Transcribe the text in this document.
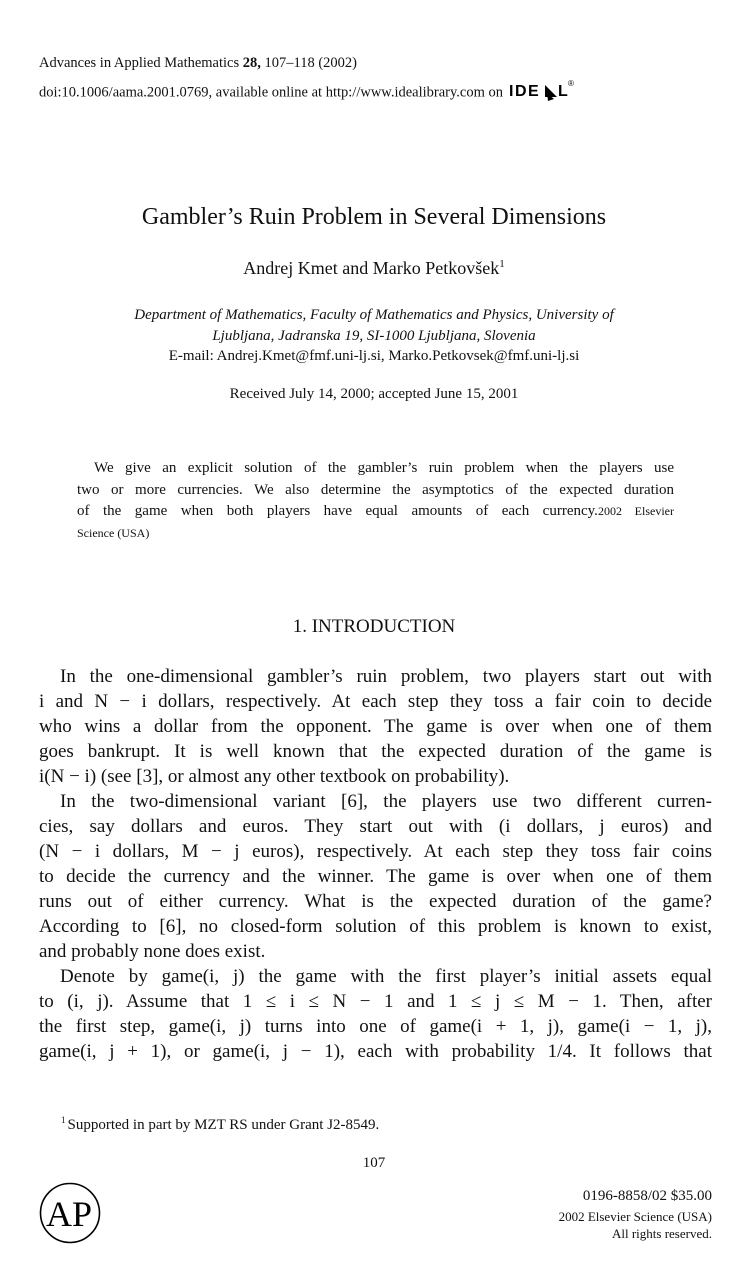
Advances in Applied Mathematics 28, 107–118 (2002)
doi:10.1006/aama.2001.0769, available online at http://www.idealibrary.com on IDE L ®
Gambler’s Ruin Problem in Several Dimensions
Andrej Kmet and Marko Petkovšek$^1$
Department of Mathematics, Faculty of Mathematics and Physics, University of
Ljubljana, Jadranska 19, SI-1000 Ljubljana, Slovenia
E-mail: Andrej.Kmet@fmf.uni-lj.si, Marko.Petkovsek@fmf.uni-lj.si
Received July 14, 2000; accepted June 15, 2001
We give an explicit solution of the gambler’s ruin problem when the players use
two or more currencies. We also determine the asymptotics of the expected duration
of the game when both players have equal amounts of each currency.2002 Elsevier
Science (USA)
1. INTRODUCTION
In the one-dimensional gambler’s ruin problem, two players start out with
i and N − i dollars, respectively. At each step they toss a fair coin to decide
who wins a dollar from the opponent. The game is over when one of them
goes bankrupt. It is well known that the expected duration of the game is
i(N − i) (see [3], or almost any other textbook on probability).
In the two-dimensional variant [6], the players use two different curren-
cies, say dollars and euros. They start out with (i dollars, j euros) and
(N − i dollars, M − j euros), respectively. At each step they toss fair coins
to decide the currency and the winner. The game is over when one of them
runs out of either currency. What is the expected duration of the game?
According to [6], no closed-form solution of this problem is known to exist,
and probably none does exist.
Denote by game(i, j) the game with the first player’s initial assets equal
to (i, j). Assume that 1 ≤ i ≤ N − 1 and 1 ≤ j ≤ M − 1. Then, after
the first step, game(i, j) turns into one of game(i + 1, j), game(i − 1, j),
game(i, j + 1), or game(i, j − 1), each with probability 1/4. It follows that
$^1$ Supported in part by MZT RS under Grant J2-8549.
107
AP	0196-8858/02 $35.00
2002 Elsevier Science (USA)
All rights reserved.
